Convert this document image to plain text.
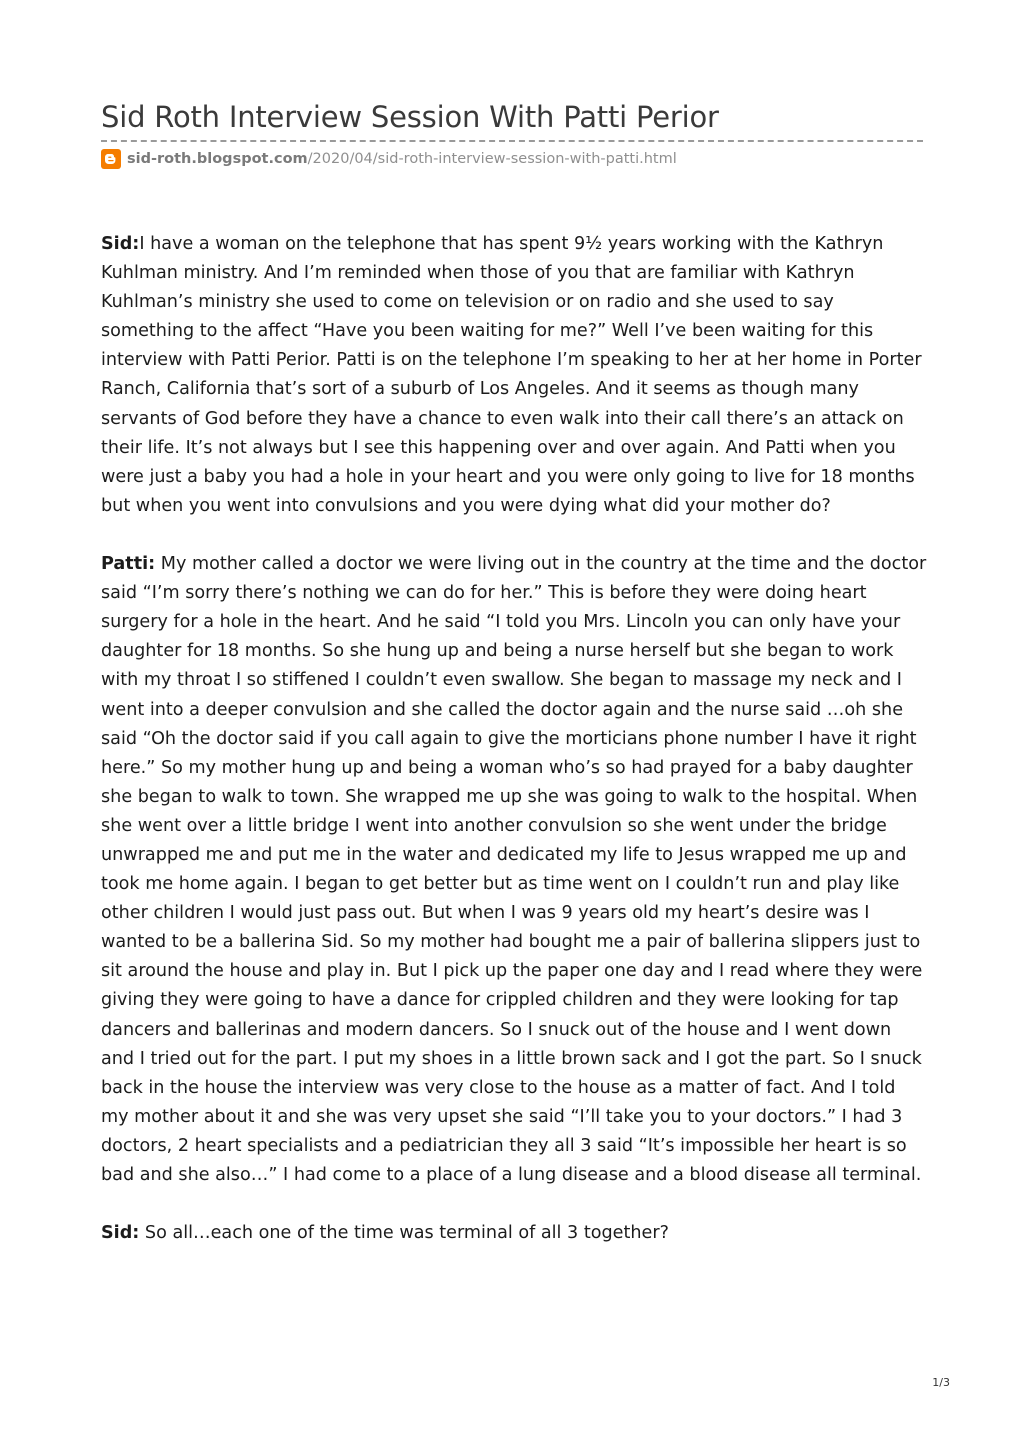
Sid Roth Interview Session With Patti Perior
sid-roth.blogspot.com /2020/04/sid-roth-interview-session-with-patti.html

Sid:I have a woman on the telephone that has spent 9½ years working with the Kathryn Kuhlman ministry. And I’m reminded when those of you that are familiar with Kathryn Kuhlman’s ministry she used to come on television or on radio and she used to say something to the affect “Have you been waiting for me?” Well I’ve been waiting for this interview with Patti Perior. Patti is on the telephone I’m speaking to her at her home in Porter Ranch, California that’s sort of a suburb of Los Angeles. And it seems as though many servants of God before they have a chance to even walk into their call there’s an attack on their life. It’s not always but I see this happening over and over again. And Patti when you were just a baby you had a hole in your heart and you were only going to live for 18 months but when you went into convulsions and you were dying what did your mother do?

Patti: My mother called a doctor we were living out in the country at the time and the doctor said “I’m sorry there’s nothing we can do for her.” This is before they were doing heart surgery for a hole in the heart. And he said “I told you Mrs. Lincoln you can only have your daughter for 18 months. So she hung up and being a nurse herself but she began to work with my throat I so stiffened I couldn’t even swallow. She began to massage my neck and I went into a deeper convulsion and she called the doctor again and the nurse said …oh she said “Oh the doctor said if you call again to give the morticians phone number I have it right here.” So my mother hung up and being a woman who’s so had prayed for a baby daughter she began to walk to town. She wrapped me up she was going to walk to the hospital. When she went over a little bridge I went into another convulsion so she went under the bridge unwrapped me and put me in the water and dedicated my life to Jesus wrapped me up and took me home again. I began to get better but as time went on I couldn’t run and play like other children I would just pass out. But when I was 9 years old my heart’s desire was I wanted to be a ballerina Sid. So my mother had bought me a pair of ballerina slippers just to sit around the house and play in. But I pick up the paper one day and I read where they were giving they were going to have a dance for crippled children and they were looking for tap dancers and ballerinas and modern dancers. So I snuck out of the house and I went down and I tried out for the part. I put my shoes in a little brown sack and I got the part. So I snuck back in the house the interview was very close to the house as a matter of fact. And I told my mother about it and she was very upset she said “I’ll take you to your doctors.” I had 3 doctors, 2 heart specialists and a pediatrician they all 3 said “It’s impossible her heart is so bad and she also…” I had come to a place of a lung disease and a blood disease all terminal.

Sid: So all…each one of the time was terminal of all 3 together?

1/3
